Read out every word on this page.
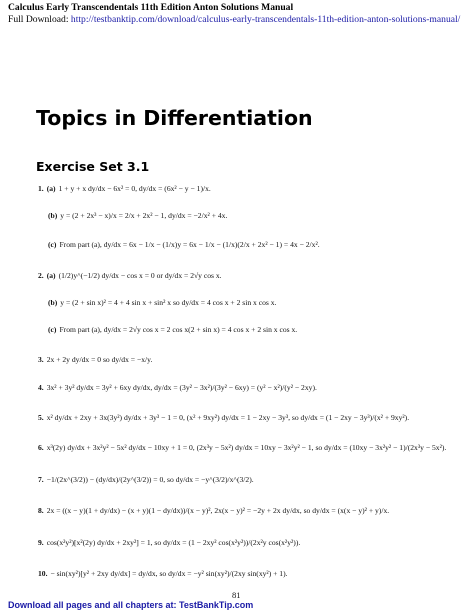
Calculus Early Transcendentals 11th Edition Anton Solutions Manual
Full Download: http://testbanktip.com/download/calculus-early-transcendentals-11th-edition-anton-solutions-manual/
Topics in Differentiation
Exercise Set 3.1
1. (a) 1 + y + x dy/dx − 6x² = 0, dy/dx = (6x² − y − 1)/x.
(b) y = (2 + 2x³ − x)/x = 2/x + 2x² − 1, dy/dx = −2/x² + 4x.
(c) From part (a), dy/dx = 6x − 1/x − (1/x)y = 6x − 1/x − (1/x)(2/x + 2x² − 1) = 4x − 2/x².
2. (a) (1/2)y^(−1/2) dy/dx − cos x = 0 or dy/dx = 2√y cos x.
(b) y = (2 + sin x)² = 4 + 4 sin x + sin² x so dy/dx = 4 cos x + 2 sin x cos x.
(c) From part (a), dy/dx = 2√y cos x = 2 cos x(2 + sin x) = 4 cos x + 2 sin x cos x.
3. 2x + 2y dy/dx = 0 so dy/dx = −x/y.
4. 3x² + 3y² dy/dx = 3y² + 6xy dy/dx, dy/dx = (3y² − 3x²)/(3y² − 6xy) = (y² − x²)/(y² − 2xy).
5. x² dy/dx + 2xy + 3x(3y²) dy/dx + 3y³ − 1 = 0, (x² + 9xy²) dy/dx = 1 − 2xy − 3y³, so dy/dx = (1 − 2xy − 3y³)/(x² + 9xy²).
6. x³(2y) dy/dx + 3x²y² − 5x² dy/dx − 10xy + 1 = 0, (2x³y − 5x²) dy/dx = 10xy − 3x²y² − 1, so dy/dx = (10xy − 3x²y² − 1)/(2x³y − 5x²).
7. −1/(2x^(3/2)) − (dy/dx)/(2y^(3/2)) = 0, so dy/dx = −y^(3/2)/x^(3/2).
8. 2x = ((x − y)(1 + dy/dx) − (x + y)(1 − dy/dx))/(x − y)², 2x(x − y)² = −2y + 2x dy/dx, so dy/dx = (x(x − y)² + y)/x.
9. cos(x²y²)[x²(2y) dy/dx + 2xy²] = 1, so dy/dx = (1 − 2xy² cos(x²y²))/(2x²y cos(x²y²)).
10. − sin(xy²)[y² + 2xy dy/dx] = dy/dx, so dy/dx = −y² sin(xy²)/(2xy sin(xy²) + 1).
81
Download all pages and all chapters at: TestBankTip.com
